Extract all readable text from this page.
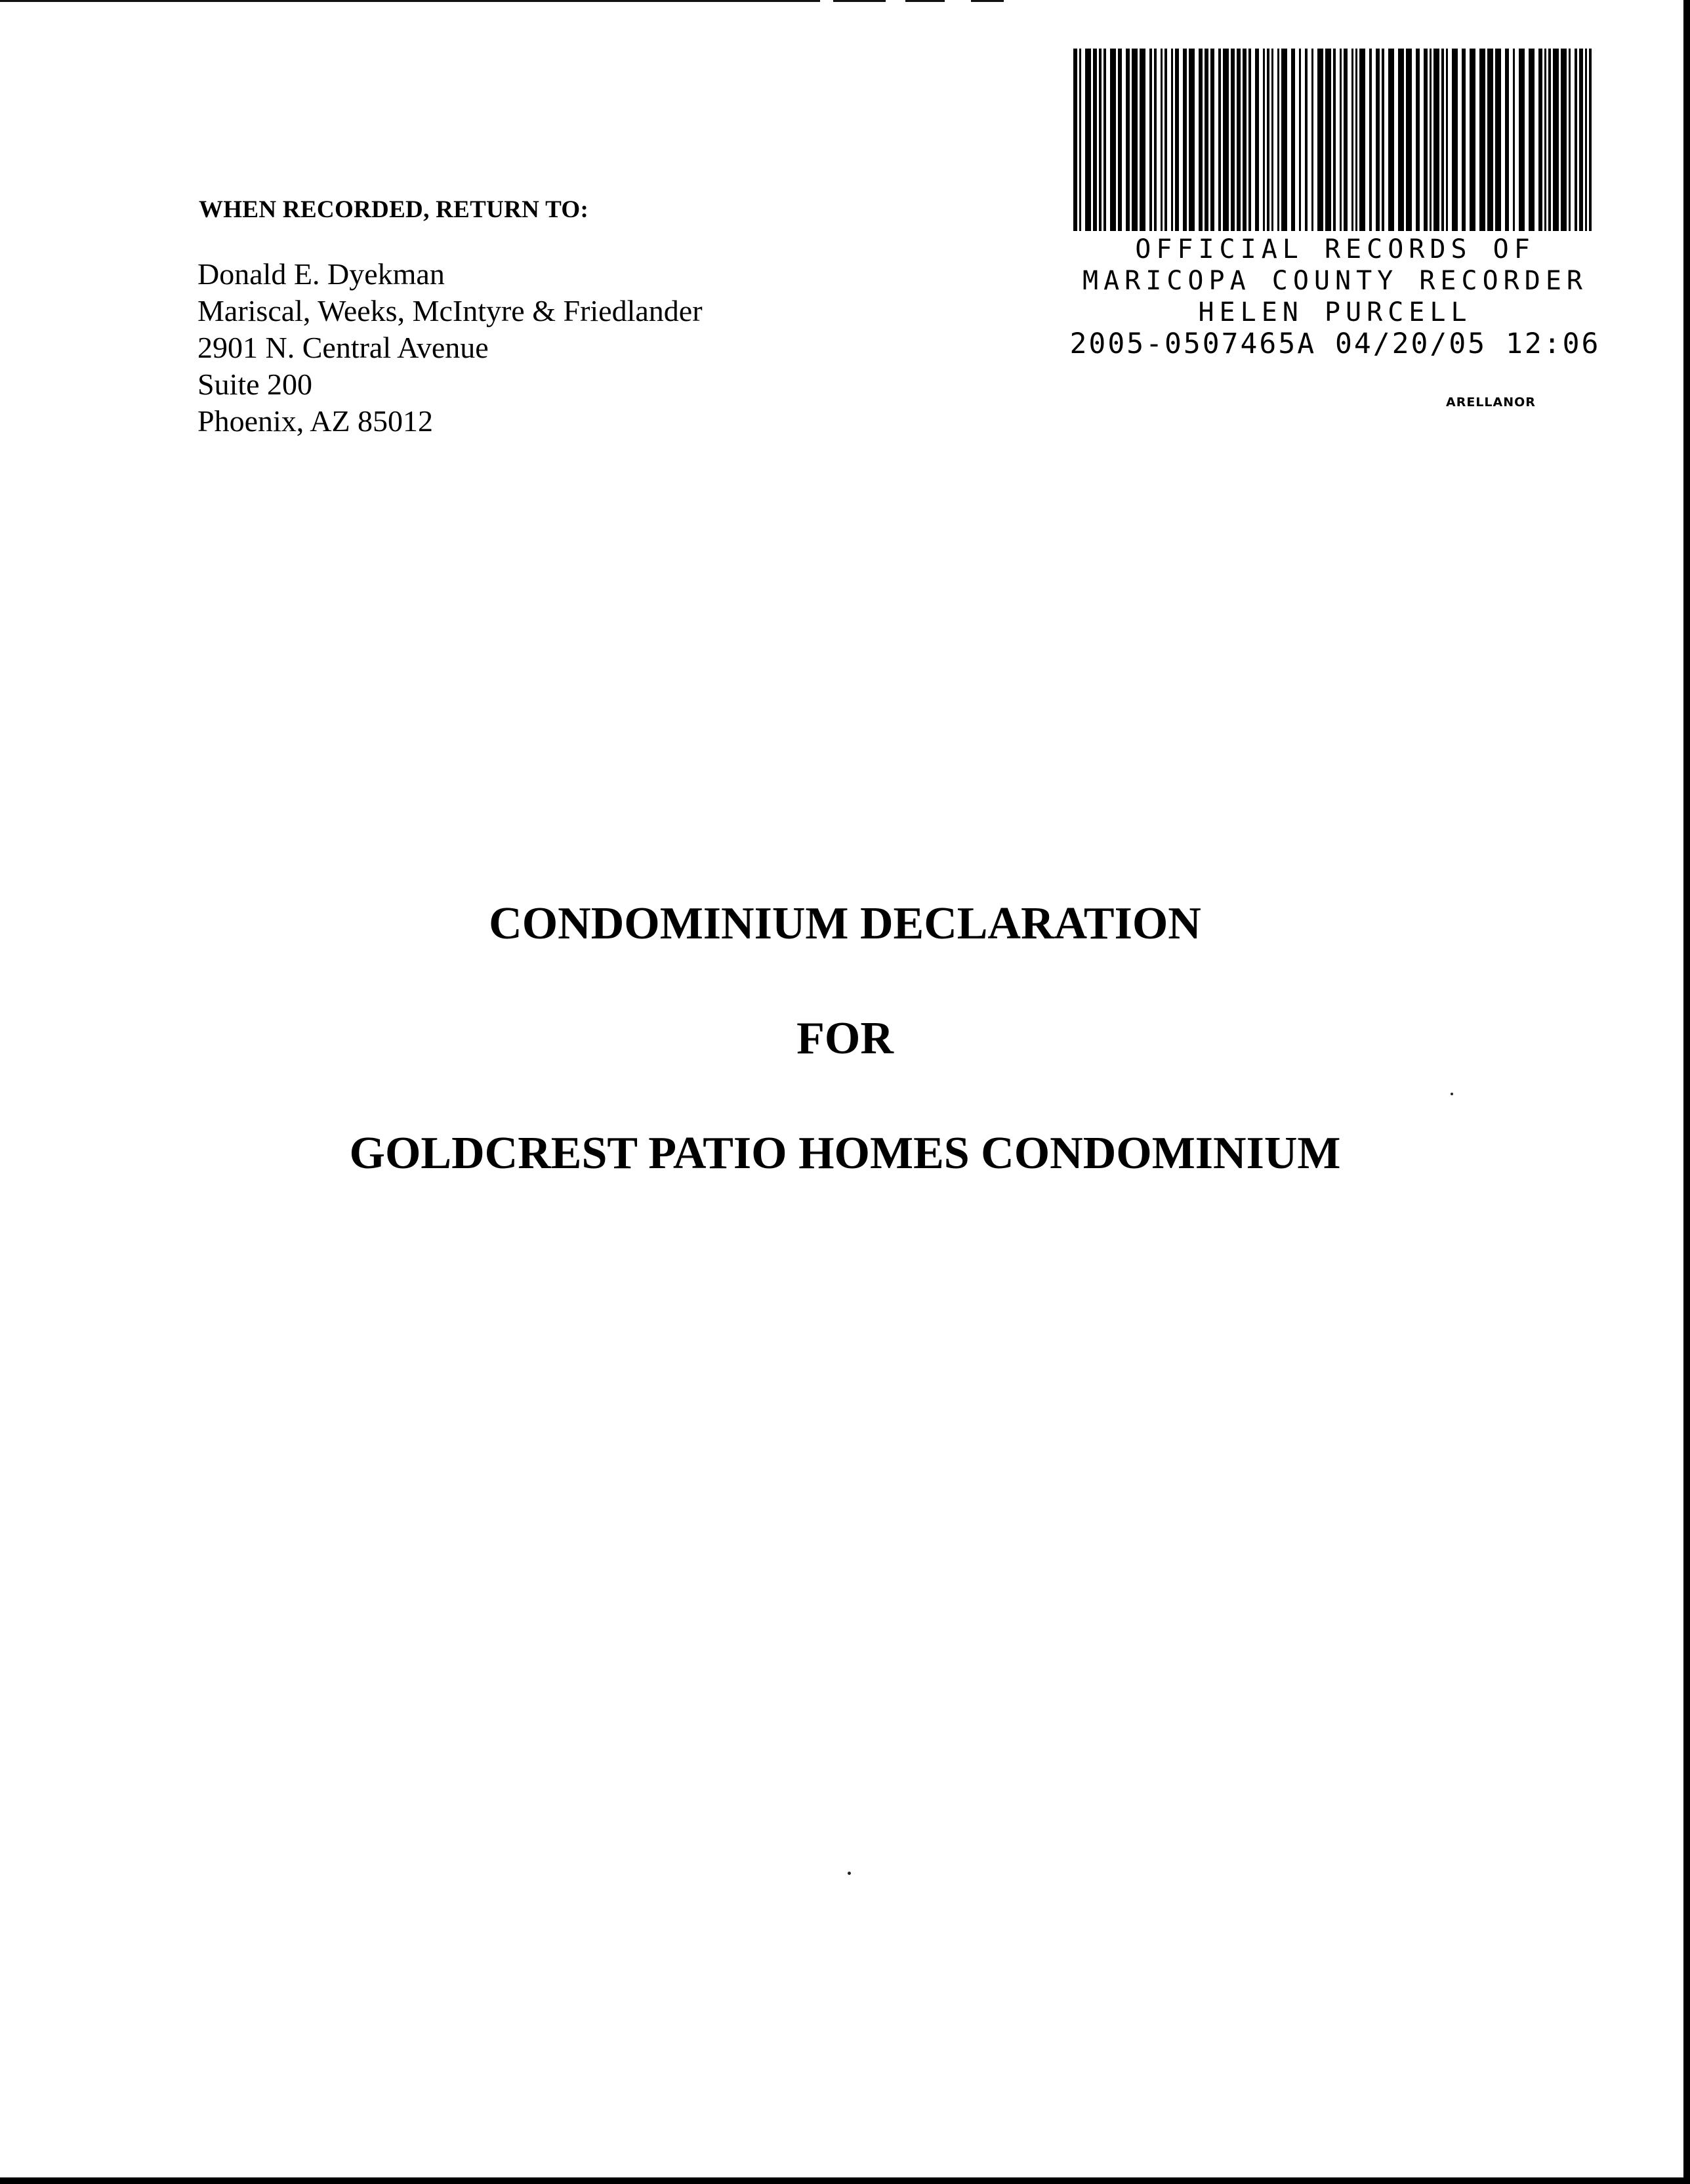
WHEN RECORDED, RETURN TO:
Donald E. Dyekman
Mariscal, Weeks, McIntyre & Friedlander
2901 N. Central Avenue
Suite 200
Phoenix, AZ 85012
OFFICIAL RECORDS OF
MARICOPA COUNTY RECORDER
HELEN PURCELL
2005-0507465A 04/20/05 12:06
ARELLANOR
CONDOMINIUM DECLARATION
FOR
GOLDCREST PATIO HOMES CONDOMINIUM
